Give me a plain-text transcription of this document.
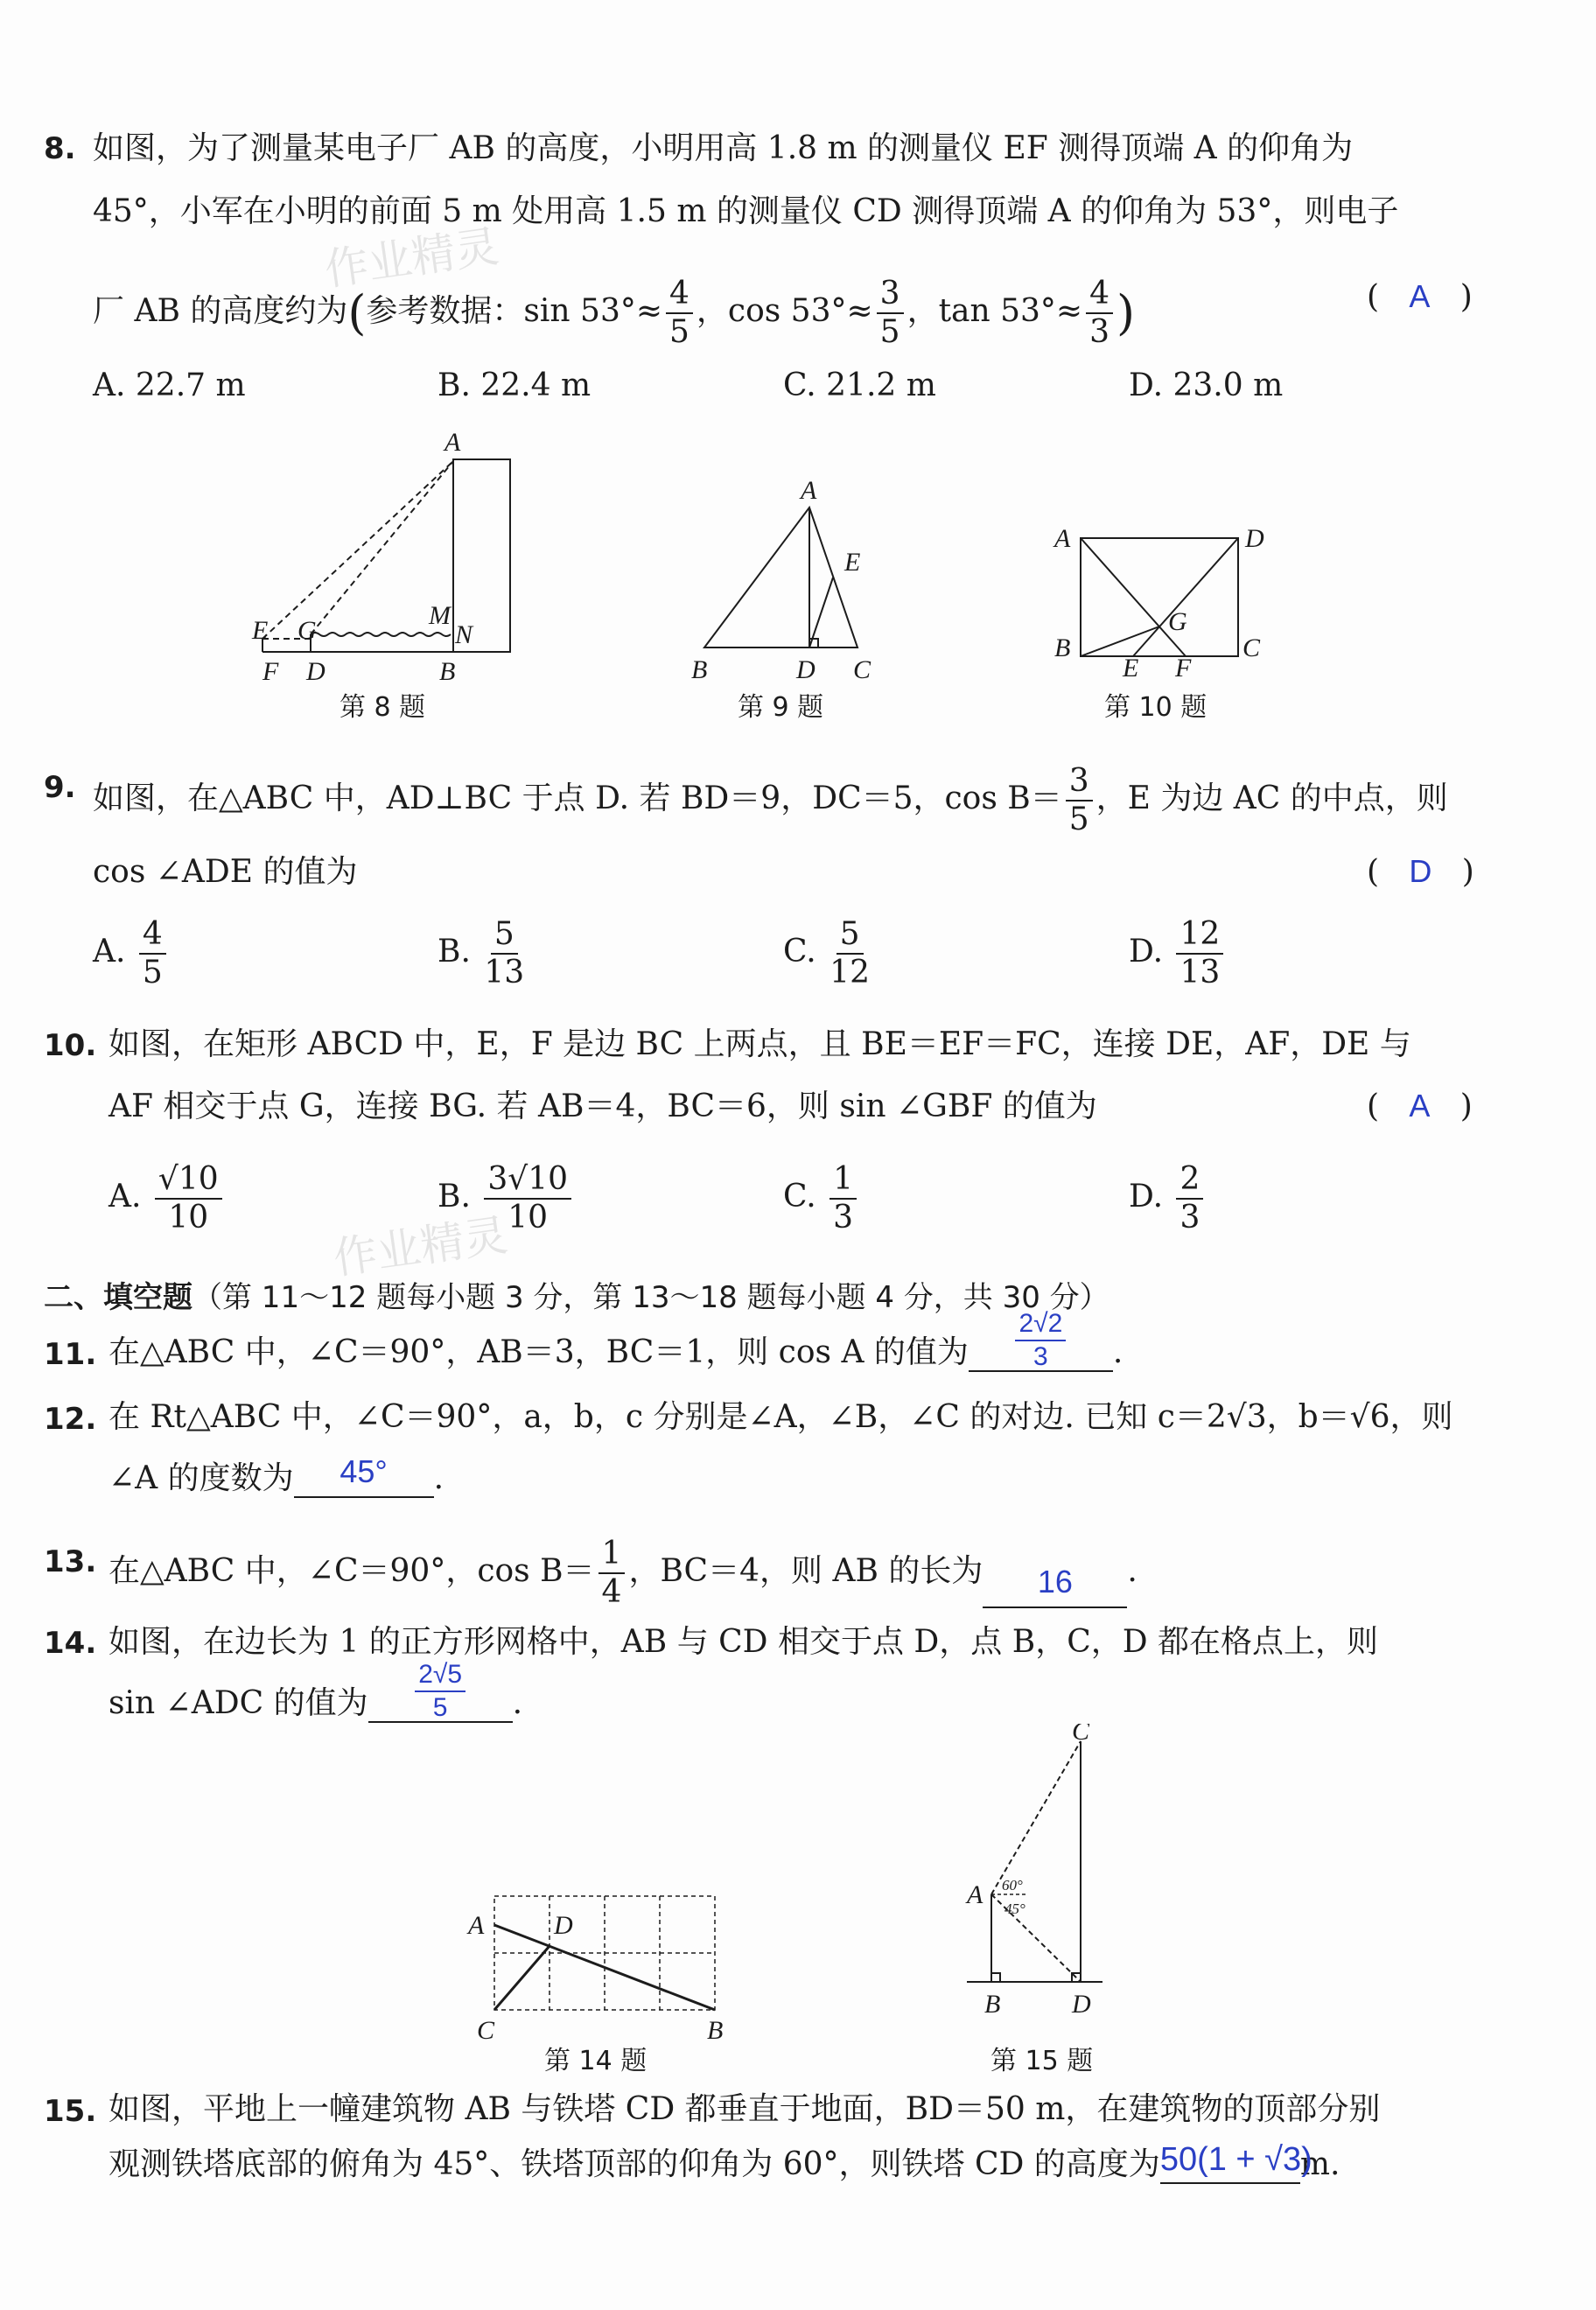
作业精灵
作业精灵
8. 如图，为了测量某电子厂 AB 的高度，小明用高 1.8 m 的测量仪 EF 测得顶端 A 的仰角为
45°，小军在小明的前面 5 m 处用高 1.5 m 的测量仪 CD 测得顶端 A 的仰角为 53°，则电子
厂 AB 的高度约为(参考数据：$\sin 53^\circ\approx \frac{4}{5}$ ，$\cos 53^\circ\approx \frac{3}{5}$ ，$\tan 53^\circ\approx \frac{4}{3}$ )	(   A   )
A. 22.7 m	B. 22.4 m	C. 21.2 m	D. 23.0 m
A
E G
M
N
F D	B
第 8 题
A
E
B	D C
第 9 题
A	D
G
B
E F
C
第 10 题
9. 如图，在△ABC 中，AD⊥BC 于点 D. 若 BD＝9，DC＝5，$\cos B= \frac{3}{5}$ ，E 为边 AC 的中点，则
cos ∠ADE 的值为	(   D   )
A. $\frac{4}{5}$	B. $\frac{5}{13}$	C. $\frac{5}{12}$	D. $\frac{12}{13}$
10. 如图，在矩形 ABCD 中，E，F 是边 BC 上两点，且 BE＝EF＝FC，连接 DE，AF，DE 与
AF 相交于点 G，连接 BG. 若 AB＝4，BC＝6，则 sin ∠GBF 的值为	(   A   )
A. $\frac{√10}{10}$	B. $\frac{3√10}{10}$	C. $\frac{1}{3}$	D. $\frac{2}{3}$
二、填空题（第 11～12 题每小题 3 分，第 13～18 题每小题 4 分，共 30 分）
11. 在△ABC 中，∠C＝90°，AB＝3，BC＝1，则 cos A 的值为 $\frac{2√2}{3}$ .
12. 在 Rt△ABC 中，∠C＝90°，a，b，c 分别是∠A，∠B，∠C 的对边. 已知 c＝2√3，b＝√6，则
∠A 的度数为	45°	.
13. 在△ABC 中，∠C＝90°，$\cos B= \frac{1}{4}$ ，BC＝4，则 AB 的长为	16	.
14. 如图，在边长为 1 的正方形网格中，AB 与 CD 相交于点 D，点 B，C，D 都在格点上，则
sin ∠ADC 的值为 $\frac{2√5}{5}$ .
A	D
C	B
第 14 题
C
A
B	D
60°
45°
第 15 题
15. 如图，平地上一幢建筑物 AB 与铁塔 CD 都垂直于地面，BD＝50 m，在建筑物的顶部分别
观测铁塔底部的俯角为 45°、铁塔顶部的仰角为 60°，则铁塔 CD 的高度为 50(1 + √3)
m.
